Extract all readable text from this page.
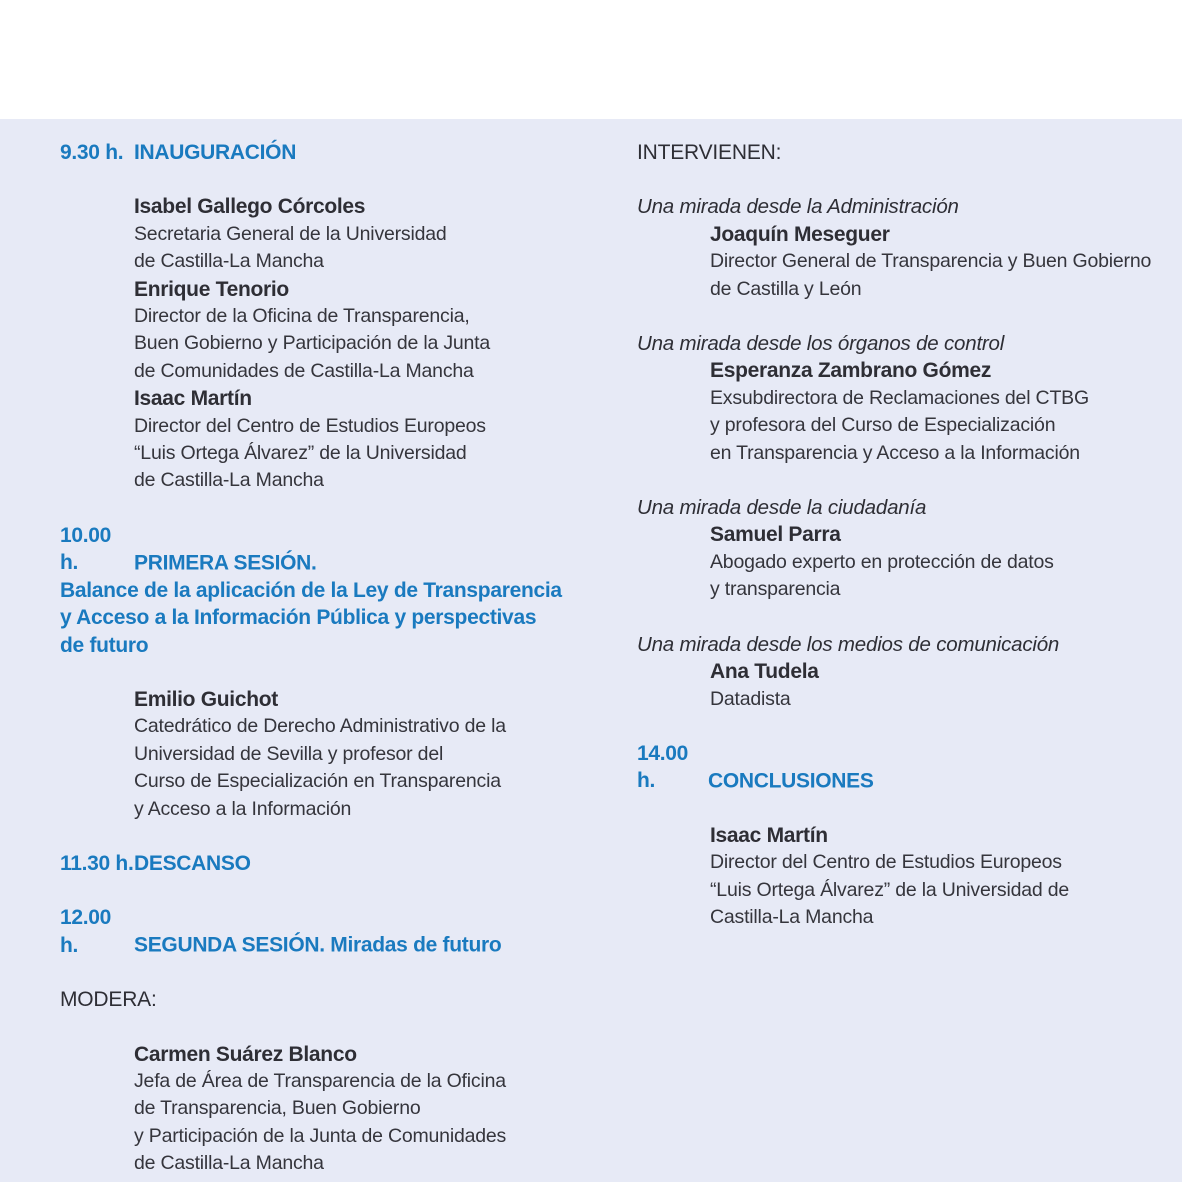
9.30 h. INAUGURACIÓN
Isabel Gallego Córcoles
Secretaria General de la Universidad
de Castilla-La Mancha
Enrique Tenorio
Director de la Oficina de Transparencia,
Buen Gobierno y Participación de la Junta
de Comunidades de Castilla-La Mancha
Isaac Martín
Director del Centro de Estudios Europeos
“Luis Ortega Álvarez” de la Universidad
de Castilla-La Mancha
10.00 h.	PRIMERA SESIÓN.
Balance de la aplicación de la Ley de Transparencia
y Acceso a la Información Pública y perspectivas
de futuro
Emilio Guichot
Catedrático de Derecho Administrativo de la
Universidad de Sevilla y profesor del
Curso de Especialización en Transparencia
y Acceso a la Información
11.30 h.DESCANSO
12.00 h.	SEGUNDA SESIÓN. Miradas de futuro
MODERA:
Carmen Suárez Blanco
Jefa de Área de Transparencia de la Oficina
de Transparencia, Buen Gobierno
y Participación de la Junta de Comunidades
de Castilla-La Mancha
INTERVIENEN:
Una mirada desde la Administración
Joaquín Meseguer
Director General de Transparencia y Buen Gobierno
de Castilla y León
Una mirada desde los órganos de control
Esperanza Zambrano Gómez
Exsubdirectora de Reclamaciones del CTBG
y profesora del Curso de Especialización
en Transparencia y Acceso a la Información
Una mirada desde la ciudadanía
Samuel Parra
Abogado experto en protección de datos
y transparencia
Una mirada desde los medios de comunicación
Ana Tudela
Datadista
14.00 h.	CONCLUSIONES
Isaac Martín
Director del Centro de Estudios Europeos
“Luis Ortega Álvarez” de la Universidad de
Castilla-La Mancha
